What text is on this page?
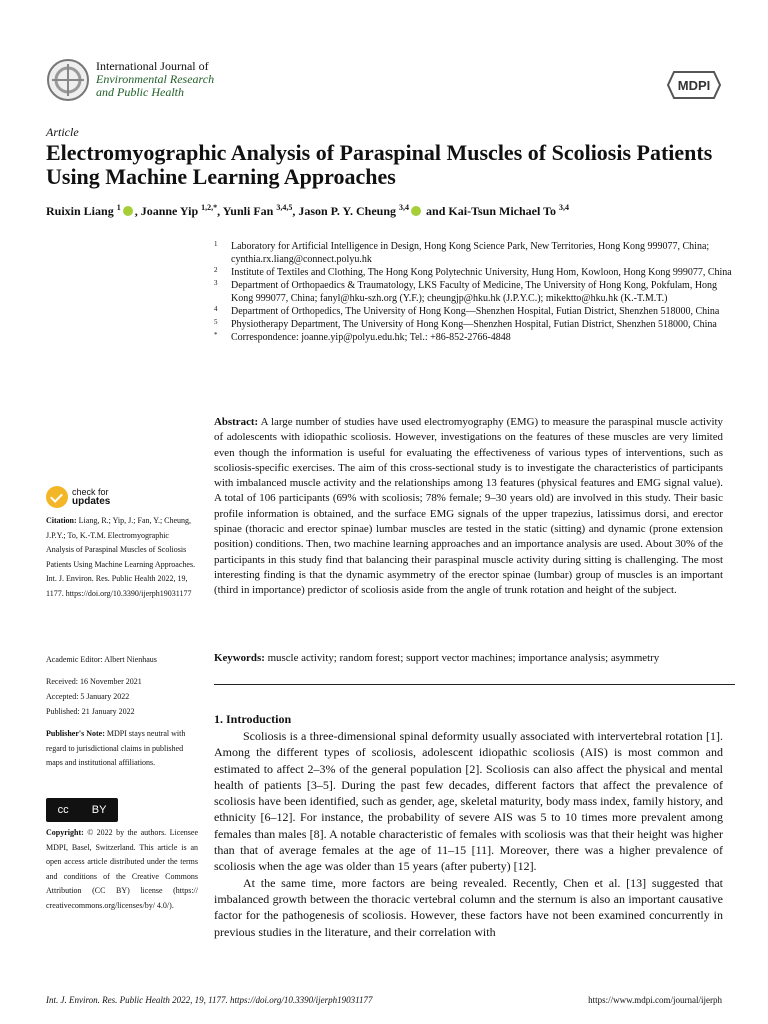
International Journal of
Environmental Research
and Public Health	MDPI
Article
Electromyographic Analysis of Paraspinal Muscles of Scoliosis Patients Using Machine Learning Approaches
Ruixin Liang $^1$ , Joanne Yip $^{1,2,*}$, Yunli Fan $^{3,4,5}$, Jason P. Y. Cheung $^{3,4}$ and Kai-Tsun Michael To $^{3,4}$
1	Laboratory for Artificial Intelligence in Design, Hong Kong Science Park, New Territories, Hong Kong 999077, China; cynthia.rx.liang@connect.polyu.hk
2	Institute of Textiles and Clothing, The Hong Kong Polytechnic University, Hung Hom, Kowloon, Hong Kong 999077, China
3	Department of Orthopaedics & Traumatology, LKS Faculty of Medicine, The University of Hong Kong, Pokfulam, Hong Kong 999077, China; fanyl@hku-szh.org (Y.F.); cheungjp@hku.hk (J.P.Y.C.); mikektto@hku.hk (K.-T.M.T.)
4	Department of Orthopedics, The University of Hong Kong—Shenzhen Hospital, Futian District, Shenzhen 518000, China
5	Physiotherapy Department, The University of Hong Kong—Shenzhen Hospital, Futian District, Shenzhen 518000, China
*	Correspondence: joanne.yip@polyu.edu.hk; Tel.: +86-852-2766-4848
check for
updates
Citation: Liang, R.; Yip, J.; Fan, Y.; Cheung, J.P.Y.; To, K.-T.M. Electromyographic Analysis of Paraspinal Muscles of Scoliosis Patients Using Machine Learning Approaches. Int. J. Environ. Res. Public Health 2022, 19, 1177. https://doi.org/10.3390/ijerph19031177
Academic Editor: Albert Nienhaus
Received: 16 November 2021
Accepted: 5 January 2022
Published: 21 January 2022
Publisher's Note: MDPI stays neutral with regard to jurisdictional claims in published maps and institutional affiliations.
cc BY
Copyright: © 2022 by the authors. Licensee MDPI, Basel, Switzerland. This article is an open access article distributed under the terms and conditions of the Creative Commons Attribution (CC BY) license (https:// creativecommons.org/licenses/by/ 4.0/).
Abstract: A large number of studies have used electromyography (EMG) to measure the paraspinal muscle activity of adolescents with idiopathic scoliosis. However, investigations on the features of these muscles are very limited even though the information is useful for evaluating the effectiveness of various types of interventions, such as scoliosis-specific exercises. The aim of this cross-sectional study is to investigate the characteristics of participants with imbalanced muscle activity and the relationships among 13 features (physical features and EMG signal value). A total of 106 participants (69% with scoliosis; 78% female; 9–30 years old) are involved in this study. Their basic profile information is obtained, and the surface EMG signals of the upper trapezius, latissimus dorsi, and erector spinae (thoracic and erector spinae) lumbar muscles are tested in the static (sitting) and dynamic (prone extension position) conditions. Then, two machine learning approaches and an importance analysis are used. About 30% of the participants in this study find that balancing their paraspinal muscle activity during sitting is challenging. The most interesting finding is that the dynamic asymmetry of the erector spinae (lumbar) group of muscles is an important (third in importance) predictor of scoliosis aside from the angle of trunk rotation and height of the subject.
Keywords: muscle activity; random forest; support vector machines; importance analysis; asymmetry
1. Introduction

Scoliosis is a three-dimensional spinal deformity usually associated with intervertebral rotation [1]. Among the different types of scoliosis, adolescent idiopathic scoliosis (AIS) is most common and estimated to affect 2–3% of the general population [2]. Scoliosis can also affect the physical and mental health of patients [3–5]. During the past few decades, different factors that affect the prevalence of scoliosis have been identified, such as gender, age, skeletal maturity, body mass index, family history, and ethnicity [6–12]. For instance, the probability of severe AIS was 5 to 10 times more prevalent among females than males [8]. A notable characteristic of females with scoliosis was that their height was higher than that of average females at the age of 11–15 [11]. Moreover, there was a higher prevalence of scoliosis when the age was older than 15 years (after puberty) [12].

At the same time, more factors are being revealed. Recently, Chen et al. [13] suggested that imbalanced growth between the thoracic vertebral column and the sternum is also an important causative factor for the pathogenesis of scoliosis. However, these factors have not been examined concurrently in previous studies in the literature, and their correlation with

Int. J. Environ. Res. Public Health 2022, 19, 1177. https://doi.org/10.3390/ijerph19031177	https://www.mdpi.com/journal/ijerph
